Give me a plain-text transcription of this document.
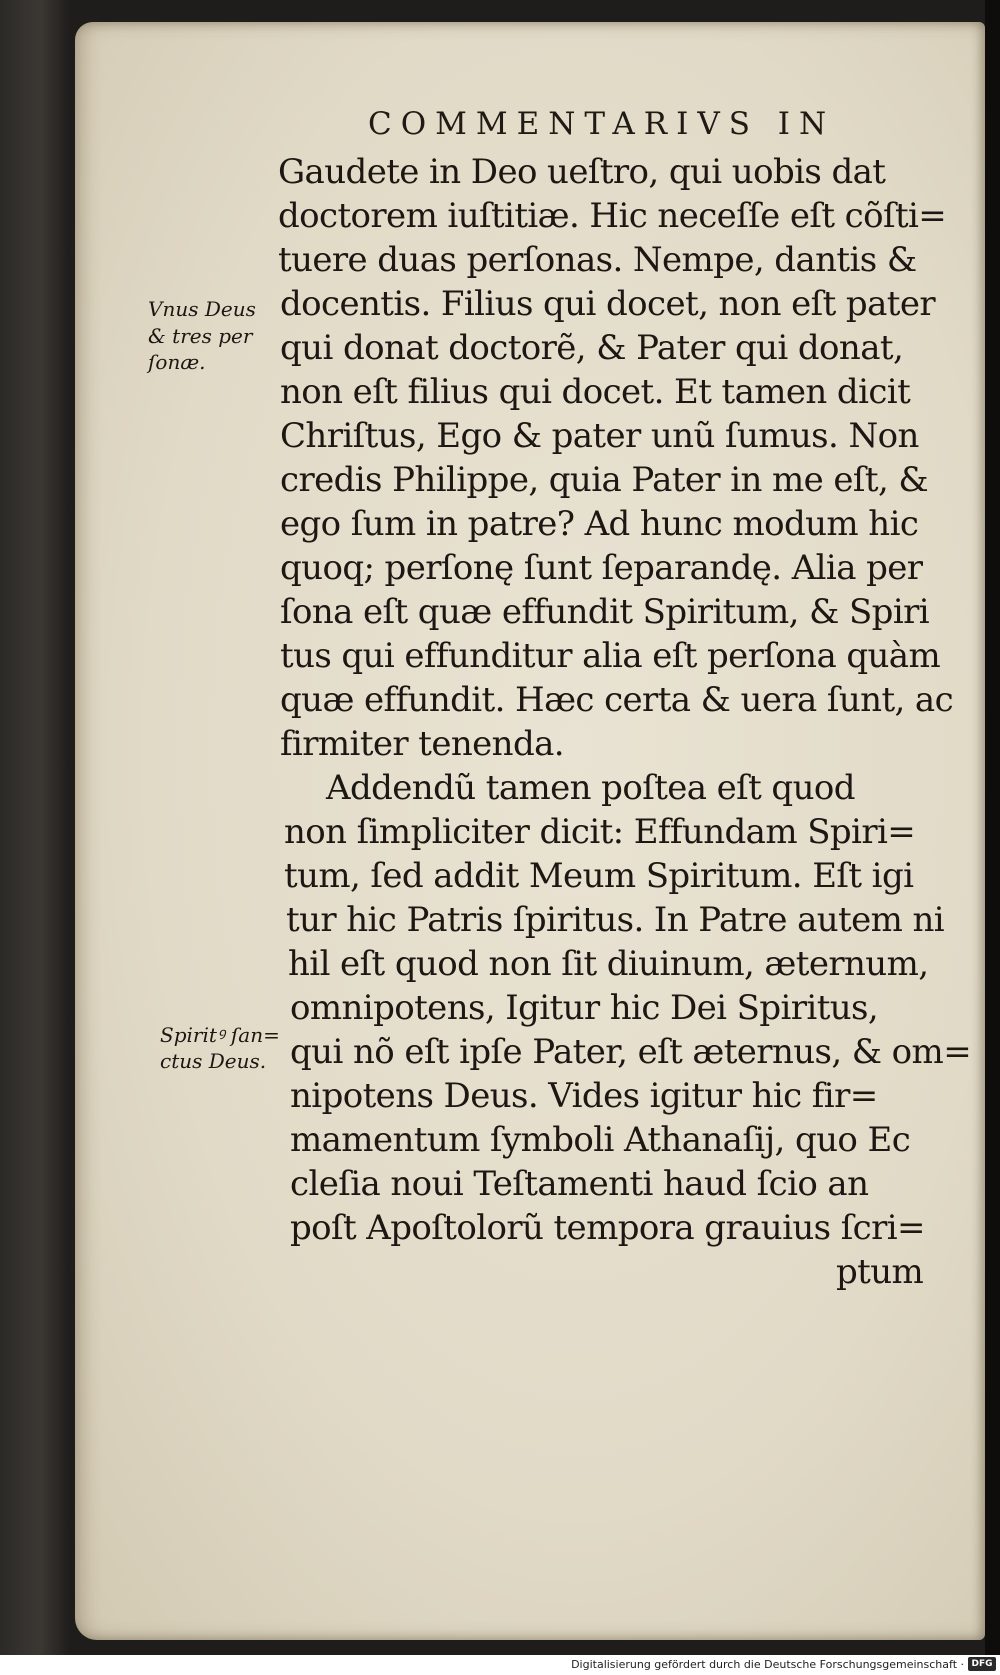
COMMENTARIVS IN
Gaudete in Deo ueſtro, qui uobis dat
doctorem iuſtitiæ. Hic neceſſe eſt cõſti=
tuere duas perſonas. Nempe, dantis &
docentis. Filius qui docet, non eſt pater
qui donat doctorẽ, & Pater qui donat,
non eſt filius qui docet. Et tamen dicit
Chriſtus, Ego & pater unũ ſumus. Non
credis Philippe, quia Pater in me eſt, &
ego ſum in patre? Ad hunc modum hic
quoq; perſonę ſunt ſeparandę. Alia per
ſona eſt quæ effundit Spiritum, & Spiri
tus qui effunditur alia eſt perſona quàm
quæ effundit. Hæc certa & uera ſunt, ac
firmiter tenenda.
Addendũ tamen poſtea eſt quod
non ſimpliciter dicit: Effundam Spiri=
tum, ſed addit Meum Spiritum. Eſt igi
tur hic Patris ſpiritus. In Patre autem ni
hil eſt quod non ſit diuinum, æternum,
omnipotens, Igitur hic Dei Spiritus,
qui nõ eſt ipſe Pater, eſt æternus, & om=
nipotens Deus. Vides igitur hic fir=
mamentum ſymboli Athanaſij, quo Ec
cleſia noui Teſtamenti haud ſcio an
poſt Apoſtolorũ tempora grauius ſcri=
ptum
Vnus Deus
& tres per
ſonæ.
Spiritꝰ ſan=
ctus Deus.
Digitalisierung gefördert durch die Deutsche Forschungsgemeinschaft · DFG
